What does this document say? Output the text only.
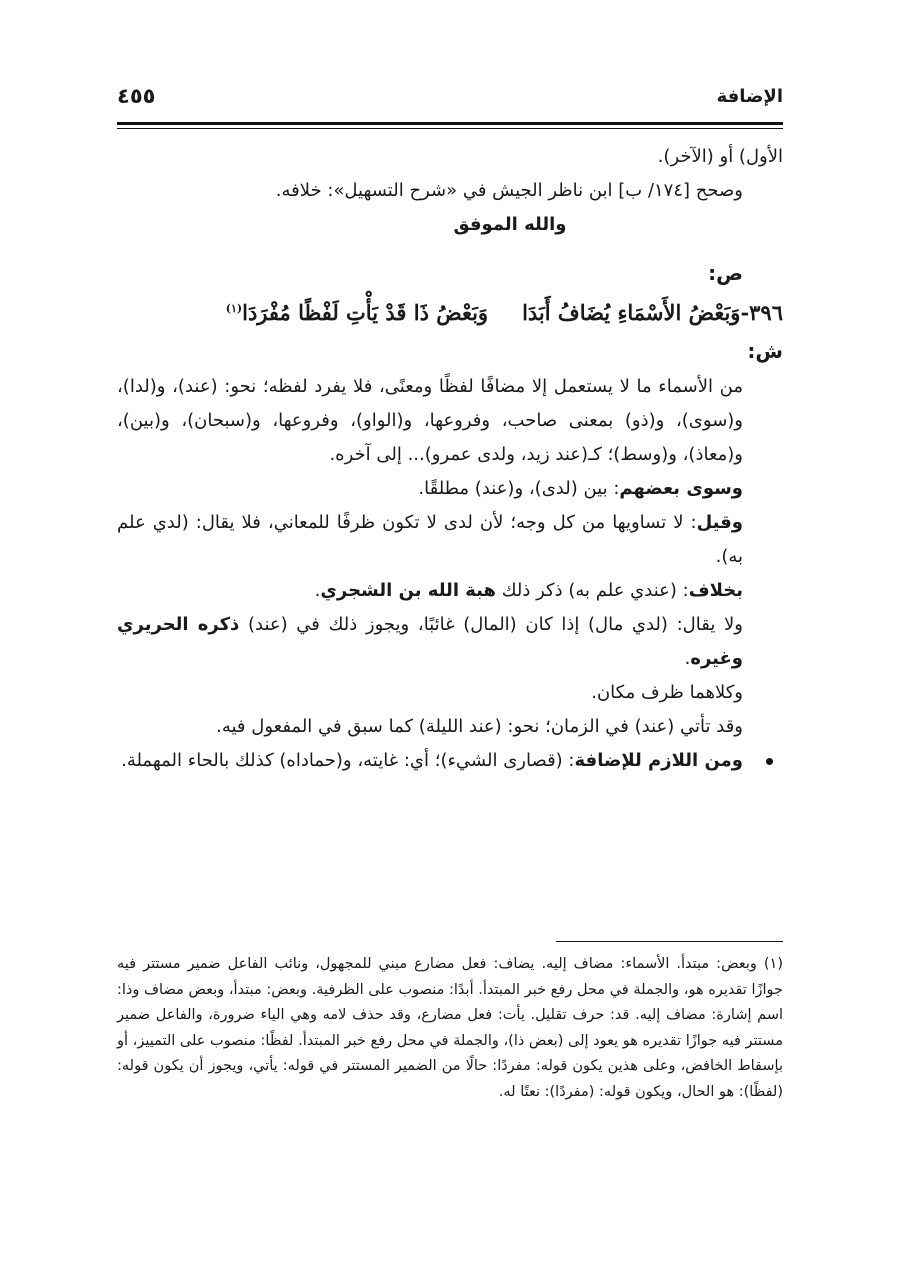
الإضافة
٤٥٥

الأول) أو (الآخر).

وصحح [١٧٤/ ب] ابن ناظر الجيش في «شرح التسهيل»: خلافه.

والله الموفق

ص:

٣٩٦-وَبَعْضُ الأَسْمَاءِ يُضَافُ أَبَدَاوَبَعْضُ ذَا قَدْ يَأْتِ لَفْظًا مُفْرَدَا$^{(١)}$

ش:

من الأسماء ما لا يستعمل إلا مضافًا لفظًا ومعنًى، فلا يفرد لفظه؛ نحو: (عند)، و(لدا)، و(سوى)، و(ذو) بمعنى صاحب، وفروعها، و(الواو)، وفروعها، و(سبحان)، و(بين)، و(معاذ)، و(وسط)؛ كـ(عند زيد، ولدى عمرو)... إلى آخره.

وسوى بعضهم: بين (لدى)، و(عند) مطلقًا.

وقيل: لا تساويها من كل وجه؛ لأن لدى لا تكون ظرفًا للمعاني، فلا يقال: (لدي علم به).

بخلاف: (عندي علم به) ذكر ذلك هبة الله بن الشجري.

ولا يقال: (لدي مال) إذا كان (المال) غائبًا، ويجوز ذلك في (عند) ذكره الحريري وغيره.

وكلاهما ظرف مكان.

وقد تأتي (عند) في الزمان؛ نحو: (عند الليلة) كما سبق في المفعول فيه.

ومن اللازم للإضافة: (قصارى الشيء)؛ أي: غايته، و(حماداه) كذلك بالحاء المهملة.

(١) وبعض: مبتدأ. الأسماء: مضاف إليه. يضاف: فعل مضارع مبني للمجهول، ونائب الفاعل ضمير مستتر فيه جوازًا تقديره هو، والجملة في محل رفع خبر المبتدأ. أبدًا: منصوب على الظرفية. وبعض: مبتدأ، وبعض مضاف وذا: اسم إشارة: مضاف إليه. قد: حرف تقليل. يأت: فعل مضارع، وقد حذف لامه وهي الياء ضرورة، والفاعل ضمير مستتر فيه جوازًا تقديره هو يعود إلى (بعض ذا)، والجملة في محل رفع خبر المبتدأ. لفظًا: منصوب على التمييز، أو بإسقاط الخافض، وعلى هذين يكون قوله: مفردًا: حالًا من الضمير المستتر في قوله: يأتي، ويجوز أن يكون قوله: (لفظًا): هو الحال، ويكون قوله: (مفردًا): نعتًا له.
